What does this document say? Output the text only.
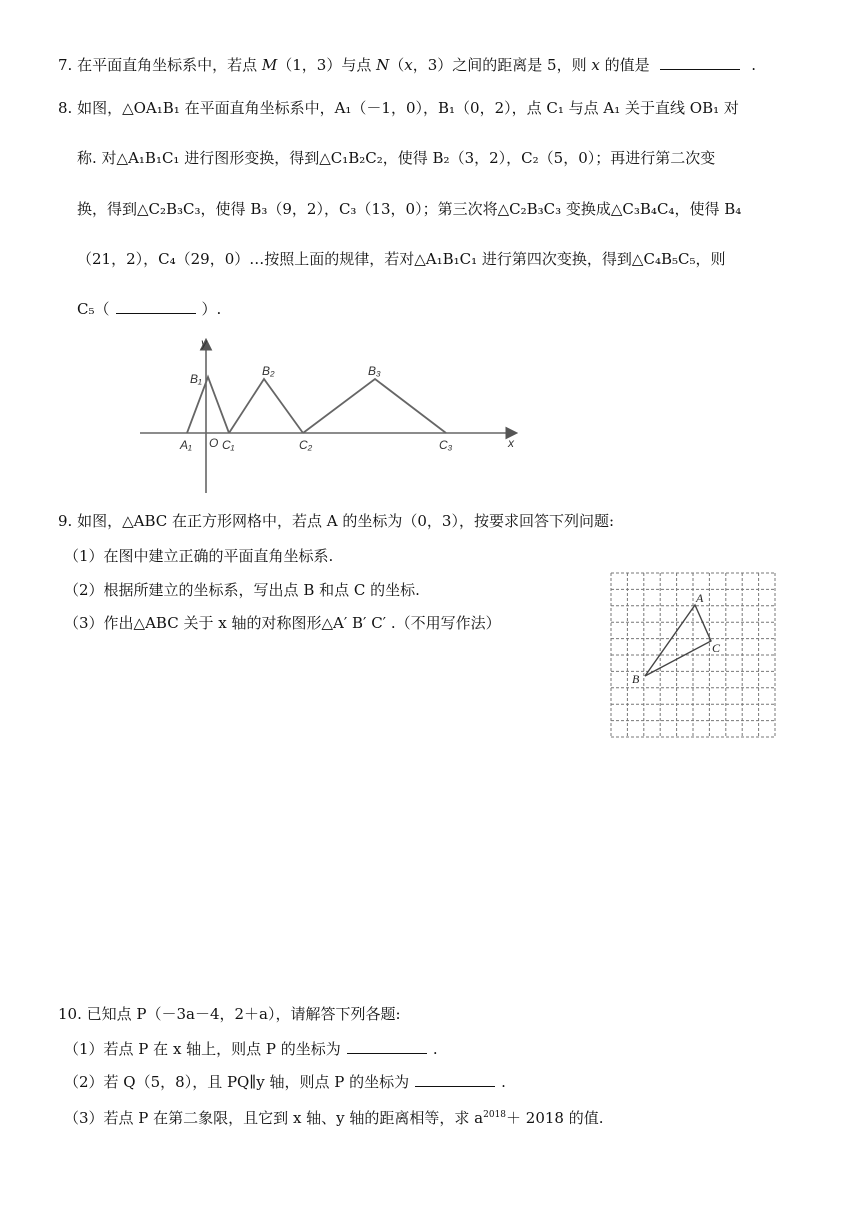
7. 在平面直角坐标系中，若点 M（1，3）与点 N（x，3）之间的距离是 5，则 x 的值是	.
8. 如图，△OA₁B₁ 在平面直角坐标系中，A₁（－1，0），B₁（0，2），点 C₁ 与点 A₁ 关于直线 OB₁ 对
称. 对△A₁B₁C₁ 进行图形变换，得到△C₁B₂C₂，使得 B₂（3，2），C₂（5，0）；再进行第二次变
换，得到△C₂B₃C₃，使得 B₃（9，2），C₃（13，0）；第三次将△C₂B₃C₃ 变换成△C₃B₄C₄，使得 B₄
（21，2），C₄（29，0）…按照上面的规律，若对△A₁B₁C₁ 进行第四次变换，得到△C₄B₅C₅，则
C₅（	）.
y
x
B₁
B₂	B₃
A₁ O C₁	C₂	C₃
9. 如图，△ABC 在正方形网格中，若点 A 的坐标为（0，3），按要求回答下列问题:
（1）在图中建立正确的平面直角坐标系.
（2）根据所建立的坐标系，写出点 B 和点 C 的坐标.
（3）作出△ABC 关于 x 轴的对称图形△A′ B′ C′ .（不用写作法）
A
B
C
10. 已知点 P（－3a－4，2＋a），请解答下列各题:
（1）若点 P 在 x 轴上，则点 P 的坐标为	.
（2）若 Q（5，8），且 PQ∥y 轴，则点 P 的坐标为	.
（3）若点 P 在第二象限，且它到 x 轴、y 轴的距离相等，求 $a^{2018}+ 2018$ 的值.
